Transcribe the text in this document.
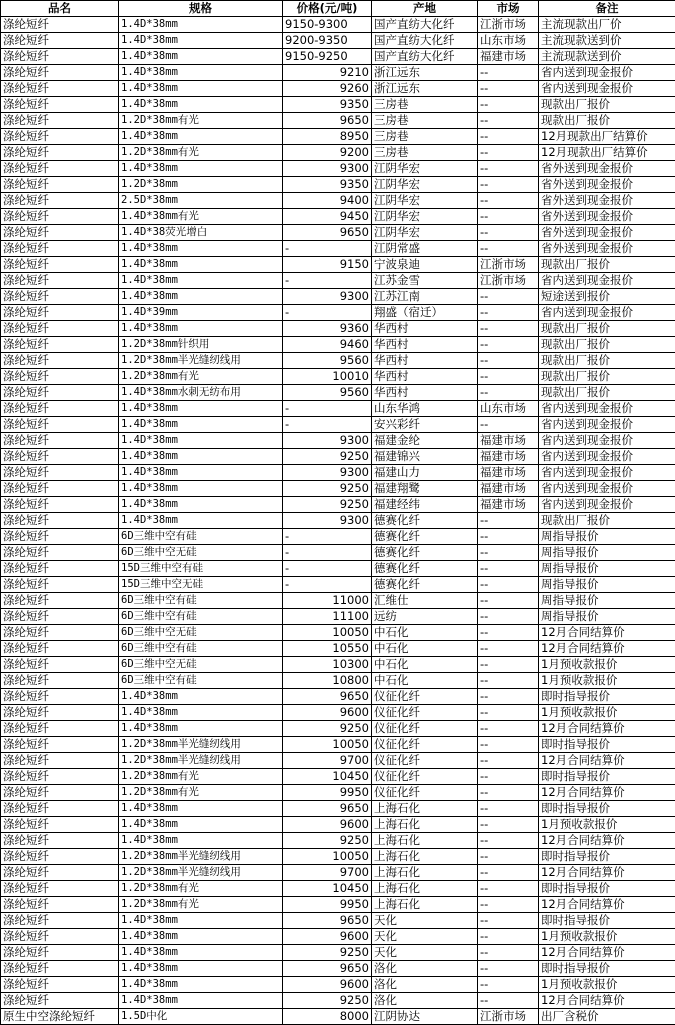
品名	规格	价格(元/吨)	产地	市场	备注
涤纶短纤	1.4D*38mm	9150-9300	国产直纺大化纤	江浙市场	主流现款出厂价
涤纶短纤	1.4D*38mm	9200-9350	国产直纺大化纤	山东市场	主流现款送到价
涤纶短纤	1.4D*38mm	9150-9250	国产直纺大化纤	福建市场	主流现款送到价
涤纶短纤	1.4D*38mm	9210	浙江远东	--	省内送到现金报价
涤纶短纤	1.4D*38mm	9260	浙江远东	--	省内送到现金报价
涤纶短纤	1.4D*38mm	9350	三房巷	--	现款出厂报价
涤纶短纤	1.2D*38mm有光	9650	三房巷	--	现款出厂报价
涤纶短纤	1.4D*38mm	8950	三房巷	--	12月现款出厂结算价
涤纶短纤	1.2D*38mm有光	9200	三房巷	--	12月现款出厂结算价
涤纶短纤	1.4D*38mm	9300	江阴华宏	--	省外送到现金报价
涤纶短纤	1.2D*38mm	9350	江阴华宏	--	省外送到现金报价
涤纶短纤	2.5D*38mm	9400	江阴华宏	--	省外送到现金报价
涤纶短纤	1.4D*38mm有光	9450	江阴华宏	--	省外送到现金报价
涤纶短纤	1.4D*38荧光增白	9650	江阴华宏	--	省外送到现金报价
涤纶短纤	1.4D*38mm	-	江阴常盛	--	省外送到现金报价
涤纶短纤	1.4D*38mm	9150	宁波泉迪	江浙市场	现款出厂报价
涤纶短纤	1.4D*38mm	-	江苏金雪	江浙市场	省内送到现金报价
涤纶短纤	1.4D*38mm	9300	江苏江南	--	短途送到报价
涤纶短纤	1.4D*39mm	-	翔盛（宿迁）	--	省内送到现金报价
涤纶短纤	1.4D*38mm	9360	华西村	--	现款出厂报价
涤纶短纤	1.2D*38mm针织用	9460	华西村	--	现款出厂报价
涤纶短纤	1.2D*38mm半光缝纫线用	9560	华西村	--	现款出厂报价
涤纶短纤	1.2D*38mm有光	10010	华西村	--	现款出厂报价
涤纶短纤	1.4D*38mm水刺无纺布用	9560	华西村	--	现款出厂报价
涤纶短纤	1.4D*38mm	-	山东华鸿	山东市场	省内送到现金报价
涤纶短纤	1.4D*38mm	-	安兴彩纤	--	省内送到现金报价
涤纶短纤	1.4D*38mm	9300	福建金纶	福建市场	省内送到现金报价
涤纶短纤	1.4D*38mm	9250	福建锦兴	福建市场	省内送到现金报价
涤纶短纤	1.4D*38mm	9300	福建山力	福建市场	省内送到现金报价
涤纶短纤	1.4D*38mm	9250	福建翔鹭	福建市场	省内送到现金报价
涤纶短纤	1.4D*38mm	9250	福建经纬	福建市场	省内送到现金报价
涤纶短纤	1.4D*38mm	9300	德赛化纤	--	现款出厂报价
涤纶短纤	6D三维中空有硅	-	德赛化纤	--	周指导报价
涤纶短纤	6D三维中空无硅	-	德赛化纤	--	周指导报价
涤纶短纤	15D三维中空有硅	-	德赛化纤	--	周指导报价
涤纶短纤	15D三维中空无硅	-	德赛化纤	--	周指导报价
涤纶短纤	6D三维中空有硅	11000	汇维仕	--	周指导报价
涤纶短纤	6D三维中空有硅	11100	远纺	--	周指导报价
涤纶短纤	6D三维中空无硅	10050	中石化	--	12月合同结算价
涤纶短纤	6D三维中空有硅	10550	中石化	--	12月合同结算价
涤纶短纤	6D三维中空无硅	10300	中石化	--	1月预收款报价
涤纶短纤	6D三维中空有硅	10800	中石化	--	1月预收款报价
涤纶短纤	1.4D*38mm	9650	仪征化纤	--	即时指导报价
涤纶短纤	1.4D*38mm	9600	仪征化纤	--	1月预收款报价
涤纶短纤	1.4D*38mm	9250	仪征化纤	--	12月合同结算价
涤纶短纤	1.2D*38mm半光缝纫线用	10050	仪征化纤	--	即时指导报价
涤纶短纤	1.2D*38mm半光缝纫线用	9700	仪征化纤	--	12月合同结算价
涤纶短纤	1.2D*38mm有光	10450	仪征化纤	--	即时指导报价
涤纶短纤	1.2D*38mm有光	9950	仪征化纤	--	12月合同结算价
涤纶短纤	1.4D*38mm	9650	上海石化	--	即时指导报价
涤纶短纤	1.4D*38mm	9600	上海石化	--	1月预收款报价
涤纶短纤	1.4D*38mm	9250	上海石化	--	12月合同结算价
涤纶短纤	1.2D*38mm半光缝纫线用	10050	上海石化	--	即时指导报价
涤纶短纤	1.2D*38mm半光缝纫线用	9700	上海石化	--	12月合同结算价
涤纶短纤	1.2D*38mm有光	10450	上海石化	--	即时指导报价
涤纶短纤	1.2D*38mm有光	9950	上海石化	--	12月合同结算价
涤纶短纤	1.4D*38mm	9650	天化	--	即时指导报价
涤纶短纤	1.4D*38mm	9600	天化	--	1月预收款报价
涤纶短纤	1.4D*38mm	9250	天化	--	12月合同结算价
涤纶短纤	1.4D*38mm	9650	洛化	--	即时指导报价
涤纶短纤	1.4D*38mm	9600	洛化	--	1月预收款报价
涤纶短纤	1.4D*38mm	9250	洛化	--	12月合同结算价
原生中空涤纶短纤	1.5D中化	8000	江阴协达	江浙市场	出厂含税价
